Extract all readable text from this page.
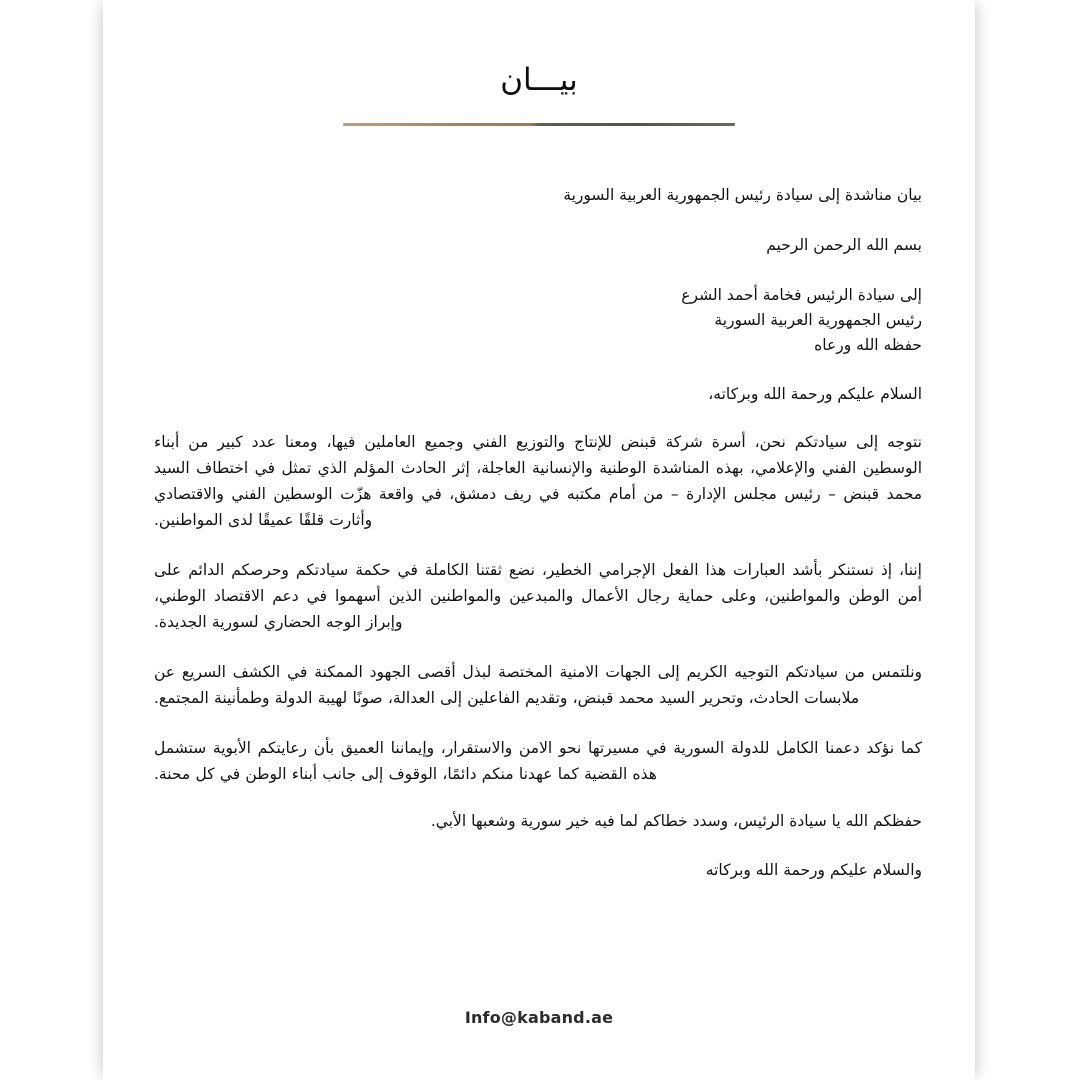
بيـــان

بيان مناشدة إلى سيادة رئيس الجمهورية العربية السورية

بسم الله الرحمن الرحيم

إلى سيادة الرئيس فخامة أحمد الشرع

رئيس الجمهورية العربية السورية

حفظه الله ورعاه

السلام عليكم ورحمة الله وبركاته،

نتوجه إلى سيادتكم نحن، أسرة شركة قبنض للإنتاج والتوزيع الفني وجميع العاملين فيها، ومعنا عدد كبير من أبناء الوسطين الفني والإعلامي، بهذه المناشدة الوطنية والإنسانية العاجلة، إثر الحادث المؤلم الذي تمثل في اختطاف السيد محمد قبنض – رئيس مجلس الإدارة – من أمام مكتبه في ريف دمشق، في واقعة هزّت الوسطين الفني والاقتصادي وأثارت قلقًا عميقًا لدى المواطنين.

إننا، إذ نستنكر بأشد العبارات هذا الفعل الإجرامي الخطير، نضع ثقتنا الكاملة في حكمة سيادتكم وحرصكم الدائم على أمن الوطن والمواطنين، وعلى حماية رجال الأعمال والمبدعين والمواطنين الذين أسهموا في دعم الاقتصاد الوطني، وإبراز الوجه الحضاري لسورية الجديدة.

ونلتمس من سيادتكم التوجيه الكريم إلى الجهات الامنية المختصة لبذل أقصى الجهود الممكنة في الكشف السريع عن ملابسات الحادث، وتحرير السيد محمد قبنض، وتقديم الفاعلين إلى العدالة، صونًا لهيبة الدولة وطمأنينة المجتمع.

كما نؤكد دعمنا الكامل للدولة السورية في مسيرتها نحو الامن والاستقرار، وإيماننا العميق بأن رعايتكم الأبوية ستشمل هذه القضية كما عهدنا منكم دائمًا، الوقوف إلى جانب أبناء الوطن في كل محنة.

حفظكم الله يا سيادة الرئيس، وسدد خطاكم لما فيه خير سورية وشعبها الأبي.

والسلام عليكم ورحمة الله وبركاته

Info@kaband.ae
